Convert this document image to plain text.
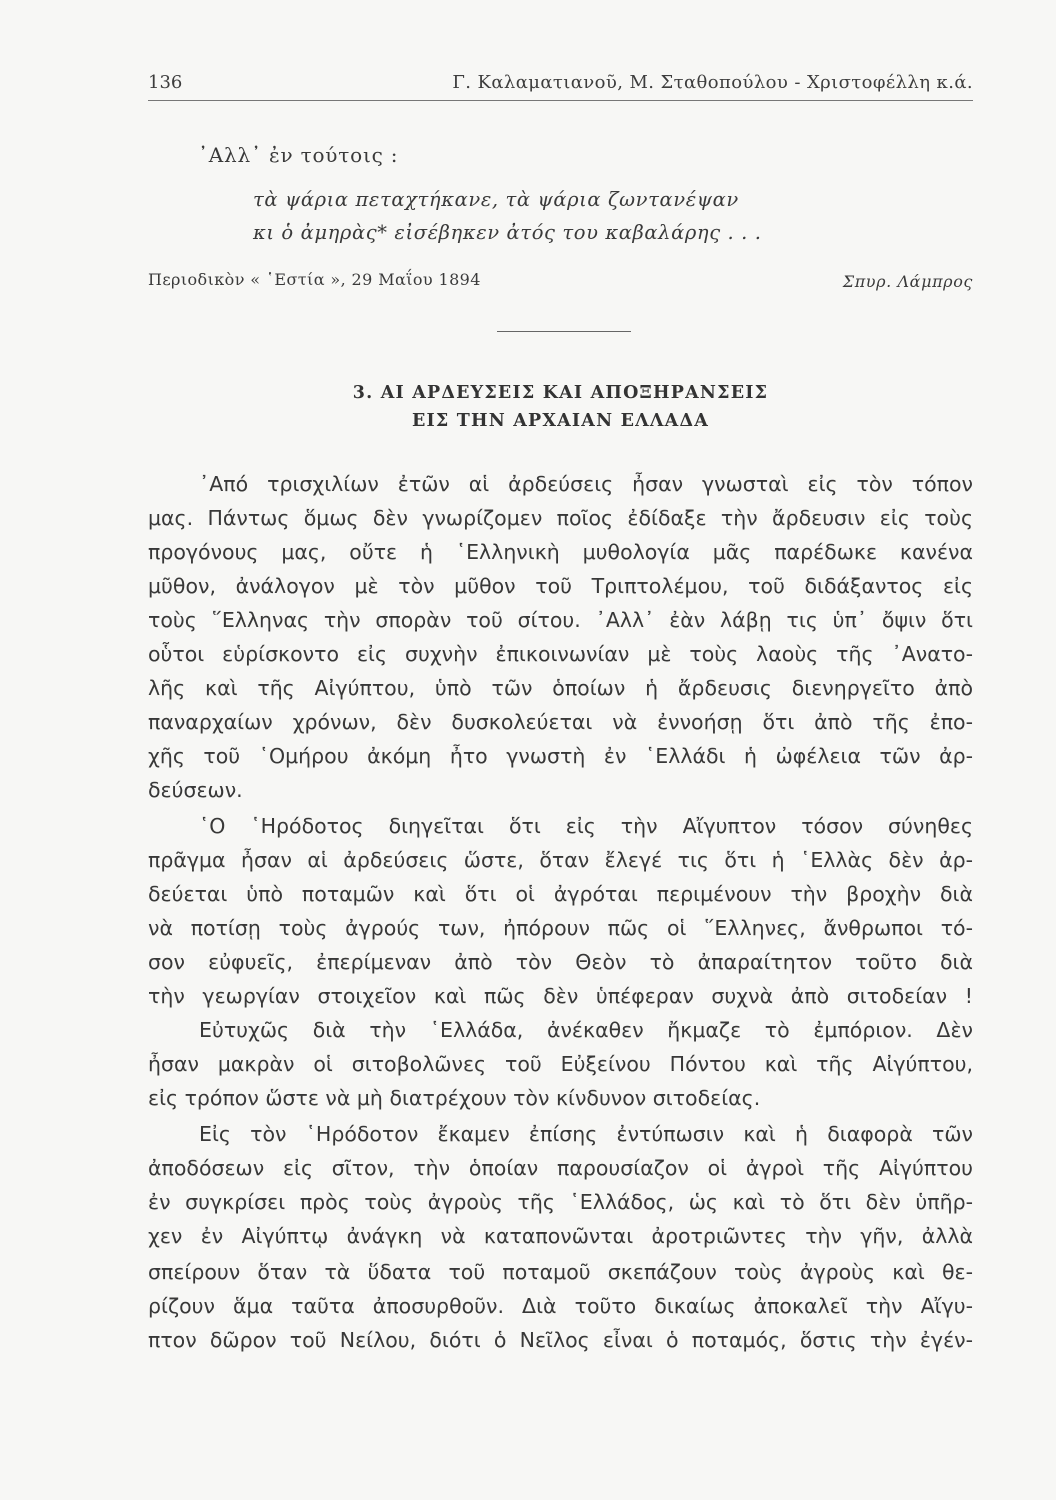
136	Γ. Καλαματιανοῦ, Μ. Σταθοπούλου - Χριστοφέλλη κ.ά.
᾿Αλλ᾿ ἐν τούτοις :
τὰ ψάρια πεταχτήκανε, τὰ ψάρια ζωντανέψαν
κι ὁ ἀμηρὰς* εἰσέβηκεν ἀτός του καβαλάρης . . .
Περιοδικὸν « ῾Εστία », 29 Μαΐου 1894	Σπυρ. Λάμπρος
3. ΑΙ ΑΡΔΕΥΣΕΙΣ ΚΑΙ ΑΠΟΞΗΡΑΝΣΕΙΣ
ΕΙΣ ΤΗΝ ΑΡΧΑΙΑΝ ΕΛΛΑΔΑ
᾿Από τρισχιλίων ἐτῶν αἱ ἀρδεύσεις ἦσαν γνωσταὶ εἰς τὸν τόπον
μας. Πάντως ὅμως δὲν γνωρίζομεν ποῖος ἐδίδαξε τὴν ἄρδευσιν εἰς τοὺς
προγόνους μας, οὔτε ἡ ῾Ελληνικὴ μυθολογία μᾶς παρέδωκε κανένα
μῦθον, ἀνάλογον μὲ τὸν μῦθον τοῦ Τριπτολέμου, τοῦ διδάξαντος εἰς
τοὺς ῞Ελληνας τὴν σπορὰν τοῦ σίτου. ᾿Αλλ᾿ ἐὰν λάβῃ τις ὑπ᾿ ὄψιν ὅτι
οὗτοι εὑρίσκοντο εἰς συχνὴν ἐπικοινωνίαν μὲ τοὺς λαοὺς τῆς ᾿Ανατο-
λῆς καὶ τῆς Αἰγύπτου, ὑπὸ τῶν ὁποίων ἡ ἄρδευσις διενηργεῖτο ἀπὸ
παναρχαίων χρόνων, δὲν δυσκολεύεται νὰ ἐννοήσῃ ὅτι ἀπὸ τῆς ἐπο-
χῆς τοῦ ῾Ομήρου ἀκόμη ἦτο γνωστὴ ἐν ῾Ελλάδι ἡ ὠφέλεια τῶν ἀρ-
δεύσεων.
῾Ο ῾Ηρόδοτος διηγεῖται ὅτι εἰς τὴν Αἴγυπτον τόσον σύνηθες
πρᾶγμα ἦσαν αἱ ἀρδεύσεις ὥστε, ὅταν ἔλεγέ τις ὅτι ἡ ῾Ελλὰς δὲν ἀρ-
δεύεται ὑπὸ ποταμῶν καὶ ὅτι οἱ ἀγρόται περιμένουν τὴν βροχὴν διὰ
νὰ ποτίσῃ τοὺς ἀγρούς των, ἠπόρουν πῶς οἱ ῞Ελληνες, ἄνθρωποι τό-
σον εὐφυεῖς, ἐπερίμεναν ἀπὸ τὸν Θεὸν τὸ ἀπαραίτητον τοῦτο διὰ
τὴν γεωργίαν στοιχεῖον καὶ πῶς δὲν ὑπέφεραν συχνὰ ἀπὸ σιτοδείαν !
Εὐτυχῶς διὰ τὴν ῾Ελλάδα, ἀνέκαθεν ἤκμαζε τὸ ἐμπόριον. Δὲν
ἦσαν μακρὰν οἱ σιτοβολῶνες τοῦ Εὐξείνου Πόντου καὶ τῆς Αἰγύπτου,
εἰς τρόπον ὥστε νὰ μὴ διατρέχουν τὸν κίνδυνον σιτοδείας.
Εἰς τὸν ῾Ηρόδοτον ἔκαμεν ἐπίσης ἐντύπωσιν καὶ ἡ διαφορὰ τῶν
ἀποδόσεων εἰς σῖτον, τὴν ὁποίαν παρουσίαζον οἱ ἀγροὶ τῆς Αἰγύπτου
ἐν συγκρίσει πρὸς τοὺς ἀγροὺς τῆς ῾Ελλάδος, ὡς καὶ τὸ ὅτι δὲν ὑπῆρ-
χεν ἐν Αἰγύπτῳ ἀνάγκη νὰ καταπονῶνται ἀροτριῶντες τὴν γῆν, ἀλλὰ
σπείρουν ὅταν τὰ ὕδατα τοῦ ποταμοῦ σκεπάζουν τοὺς ἀγροὺς καὶ θε-
ρίζουν ἅμα ταῦτα ἀποσυρθοῦν. Διὰ τοῦτο δικαίως ἀποκαλεῖ τὴν Αἴγυ-
πτον δῶρον τοῦ Νείλου, διότι ὁ Νεῖλος εἶναι ὁ ποταμός, ὅστις τὴν ἐγέν-
